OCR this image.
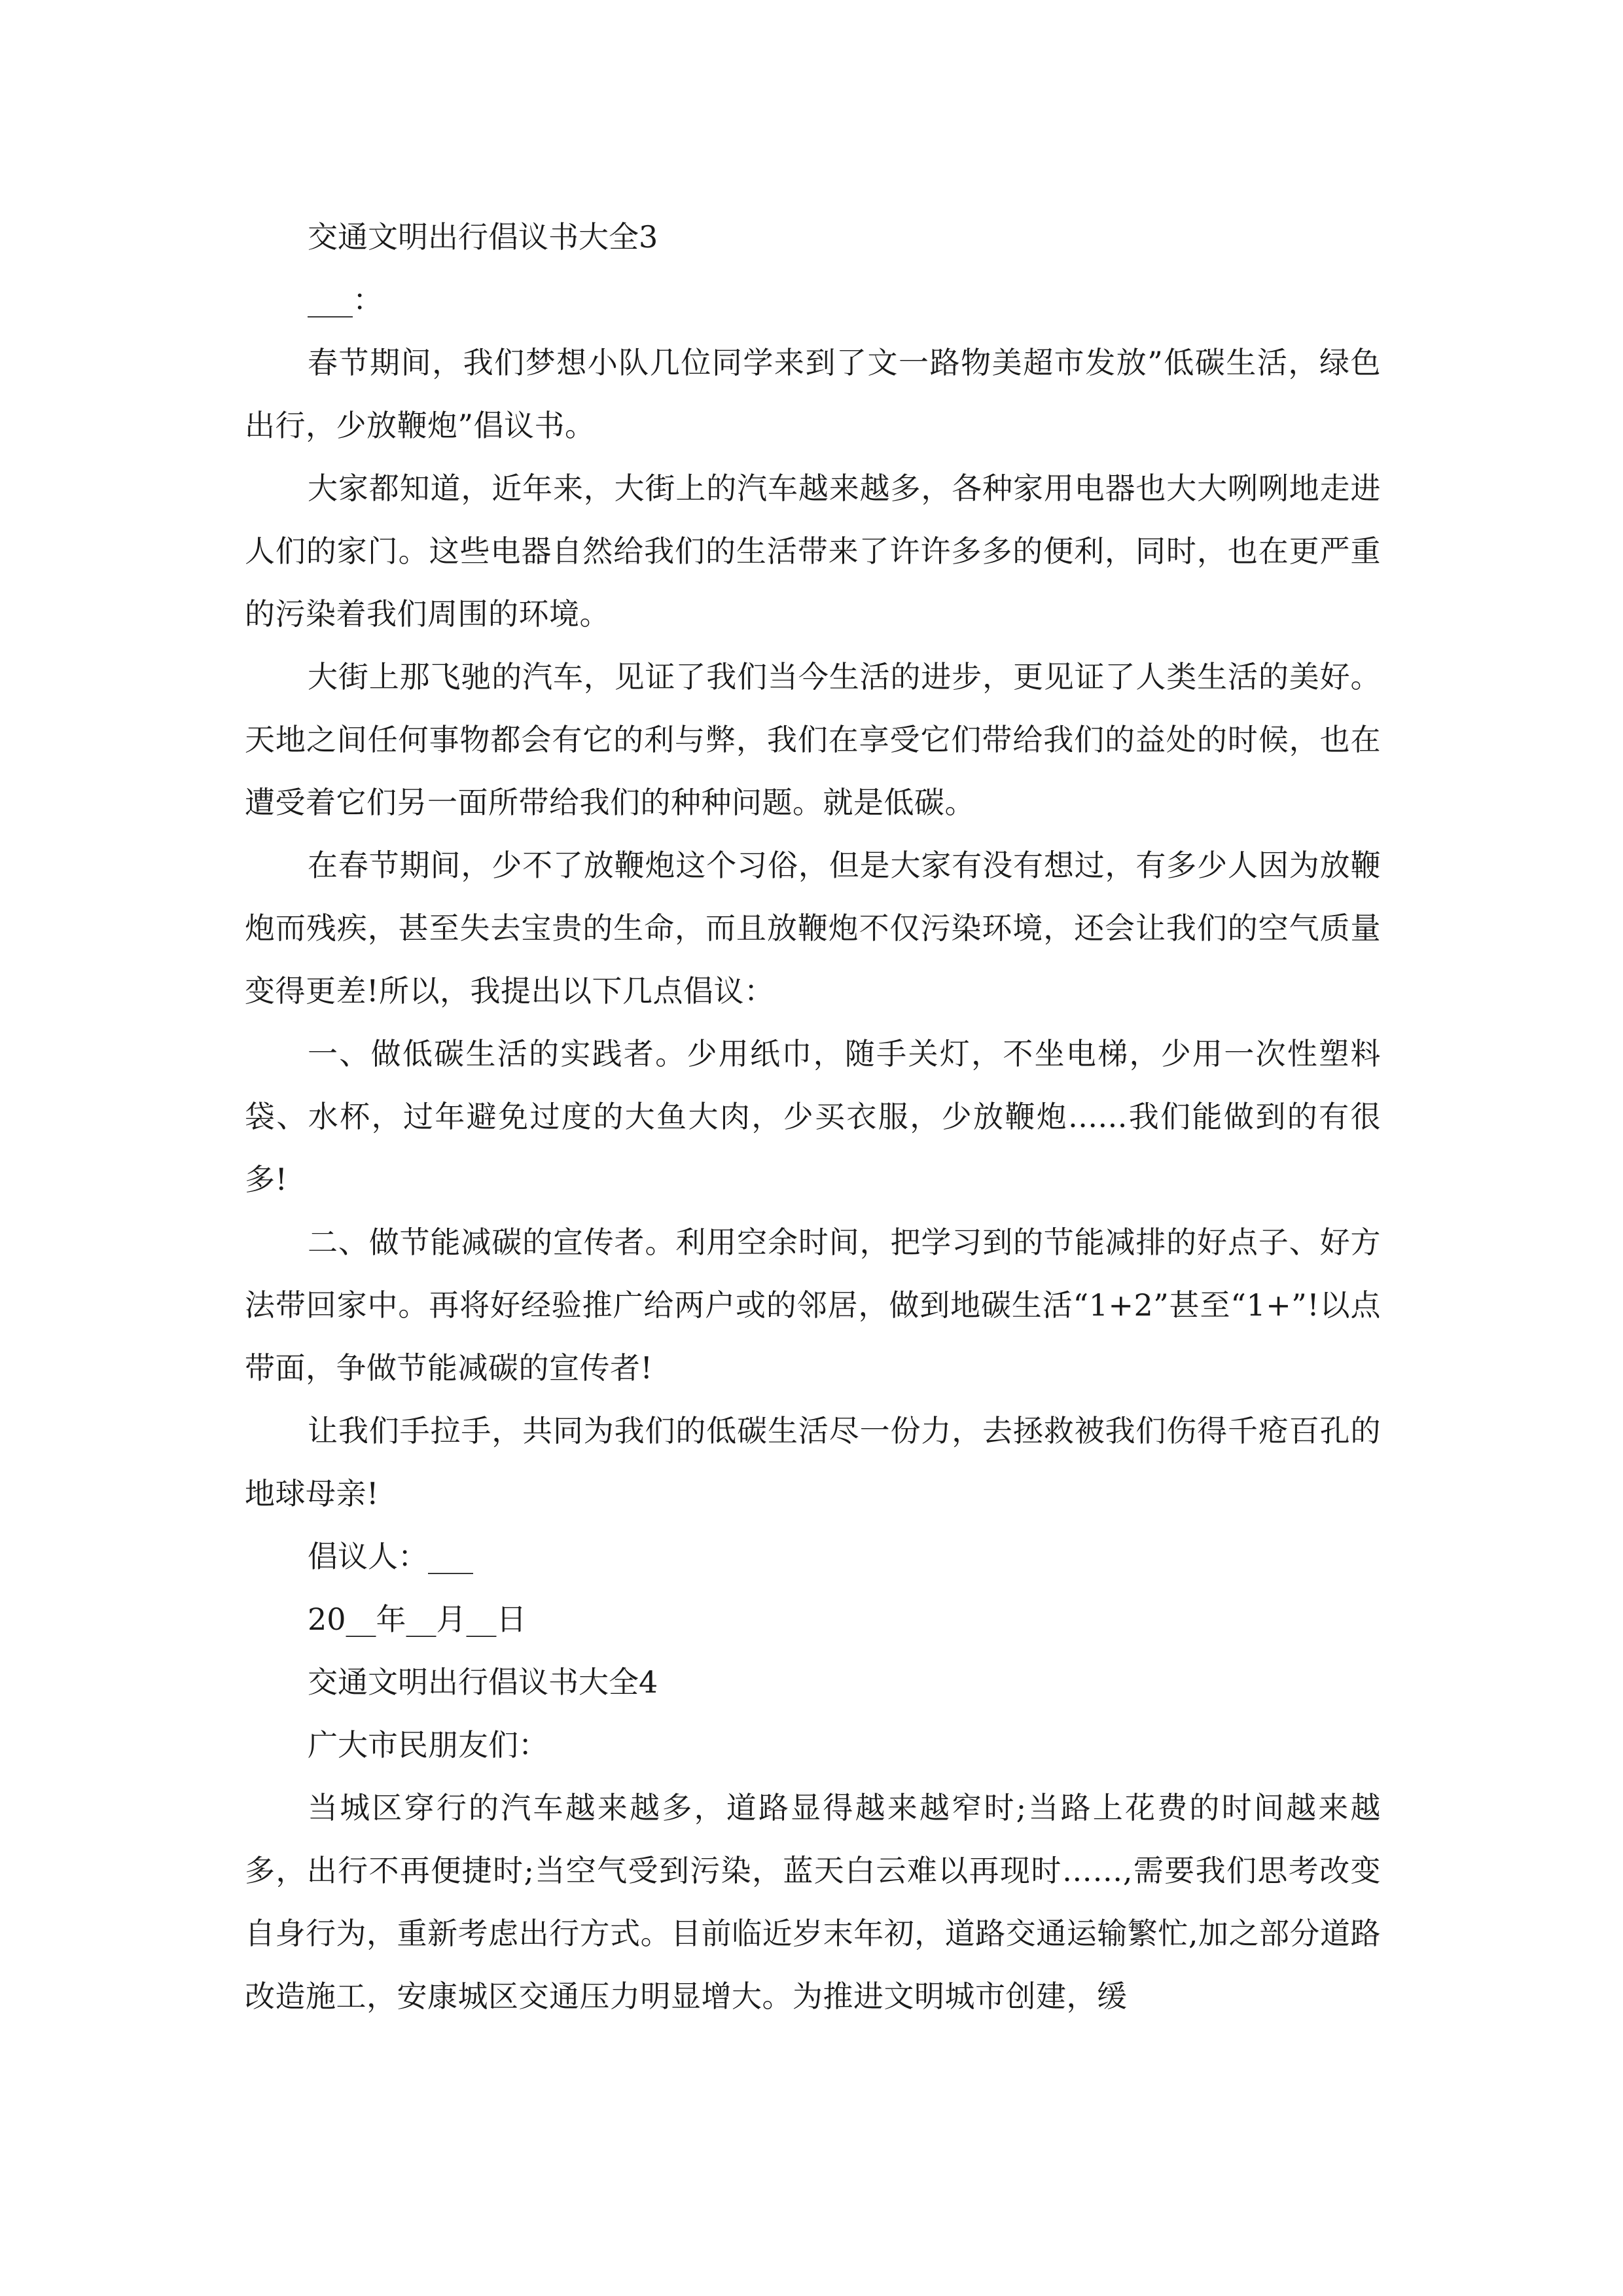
交通文明出行倡议书大全3

___：

春节期间，我们梦想小队几位同学来到了文一路物美超市发放”低碳生活，绿色出行，少放鞭炮”倡议书。

大家都知道，近年来，大街上的汽车越来越多，各种家用电器也大大咧咧地走进人们的家门。这些电器自然给我们的生活带来了许许多多的便利，同时，也在更严重的污染着我们周围的环境。

大街上那飞驰的汽车，见证了我们当今生活的进步，更见证了人类生活的美好。天地之间任何事物都会有它的利与弊，我们在享受它们带给我们的益处的时候，也在遭受着它们另一面所带给我们的种种问题。就是低碳。

在春节期间，少不了放鞭炮这个习俗，但是大家有没有想过，有多少人因为放鞭炮而残疾，甚至失去宝贵的生命，而且放鞭炮不仅污染环境，还会让我们的空气质量变得更差!所以，我提出以下几点倡议：

一、做低碳生活的实践者。少用纸巾，随手关灯，不坐电梯，少用一次性塑料袋、水杯，过年避免过度的大鱼大肉，少买衣服，少放鞭炮......我们能做到的有很多!

二、做节能减碳的宣传者。利用空余时间，把学习到的节能减排的好点子、好方法带回家中。再将好经验推广给两户或的邻居，做到地碳生活“1+2”甚至“1+”!以点带面，争做节能减碳的宣传者!

让我们手拉手，共同为我们的低碳生活尽一份力，去拯救被我们伤得千疮百孔的地球母亲!

倡议人：___

20__年__月__日

交通文明出行倡议书大全4

广大市民朋友们：

当城区穿行的汽车越来越多，道路显得越来越窄时;当路上花费的时间越来越多，出行不再便捷时;当空气受到污染，蓝天白云难以再现时……,需要我们思考改变自身行为，重新考虑出行方式。目前临近岁末年初，道路交通运输繁忙,加之部分道路改造施工，安康城区交通压力明显增大。为推进文明城市创建，缓
